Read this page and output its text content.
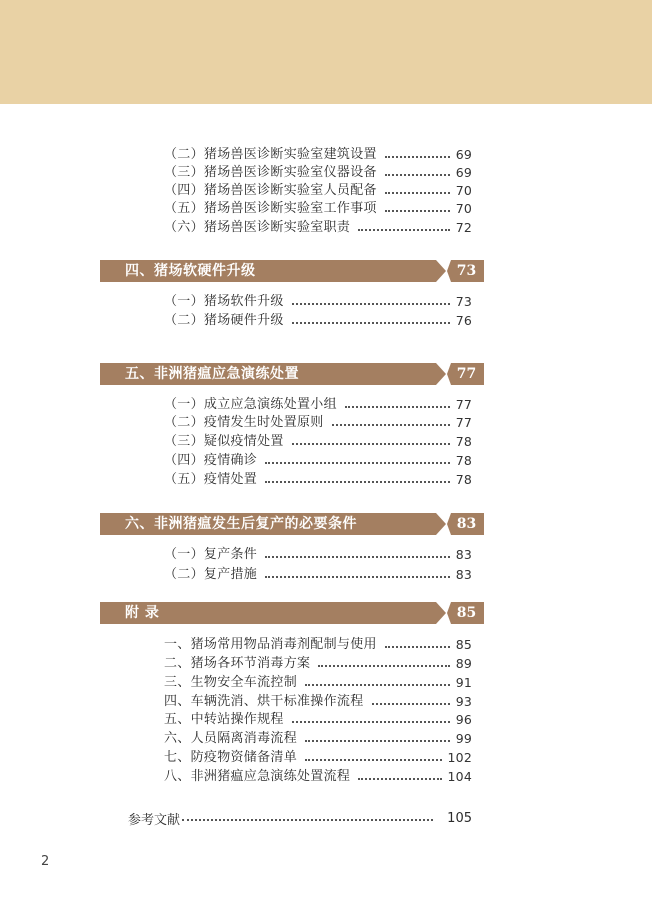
（二）猪场兽医诊断实验室建筑设置	69
（三）猪场兽医诊断实验室仪器设备	69
（四）猪场兽医诊断实验室人员配备	70
（五）猪场兽医诊断实验室工作事项	70
（六）猪场兽医诊断实验室职责	72
四、猪场软硬件升级	73
（一）猪场软件升级	73
（二）猪场硬件升级	76
五、非洲猪瘟应急演练处置	77
（一）成立应急演练处置小组	77
（二）疫情发生时处置原则	77
（三）疑似疫情处置	78
（四）疫情确诊	78
（五）疫情处置	78
六、非洲猪瘟发生后复产的必要条件	83
（一）复产条件	83
（二）复产措施	83
附 录	85
一、猪场常用物品消毒剂配制与使用	85
二、猪场各环节消毒方案	89
三、生物安全车流控制	91
四、车辆洗消、烘干标准操作流程	93
五、中转站操作规程	96
六、人员隔离消毒流程	99
七、防疫物资储备清单	102
八、非洲猪瘟应急演练处置流程	104
参考文献	105
2
